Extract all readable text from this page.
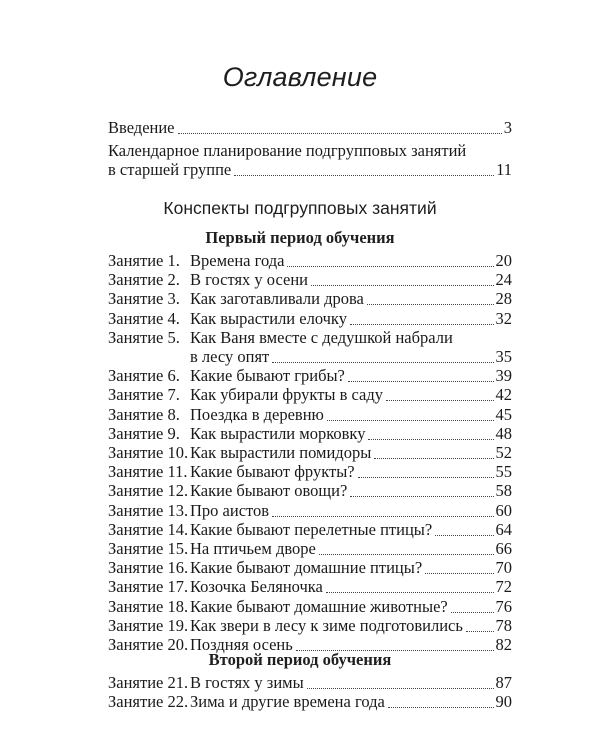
Оглавление
Введение	3
Календарное планирование подгрупповых занятий
в старшей группе	11
Конспекты подгрупповых занятий
Первый период обучения
Занятие 1. Времена года	20
Занятие 2. В гостях у осени	24
Занятие 3. Как заготавливали дрова	28
Занятие 4. Как вырастили елочку	32
Занятие 5. Как Ваня вместе с дедушкой набрали
в лесу опят	35
Занятие 6. Какие бывают грибы?	39
Занятие 7. Как убирали фрукты в саду	42
Занятие 8. Поездка в деревню	45
Занятие 9. Как вырастили морковку	48
Занятие 10. Как вырастили помидоры	52
Занятие 11. Какие бывают фрукты?	55
Занятие 12. Какие бывают овощи?	58
Занятие 13. Про аистов	60
Занятие 14. Какие бывают перелетные птицы?	64
Занятие 15. На птичьем дворе	66
Занятие 16. Какие бывают домашние птицы?	70
Занятие 17. Козочка Беляночка	72
Занятие 18. Какие бывают домашние животные?	76
Занятие 19. Как звери в лесу к зиме подготовились 78
Занятие 20. Поздняя осень	82
Второй период обучения
Занятие 21. В гостях у зимы	87
Занятие 22. Зима и другие времена года	90
